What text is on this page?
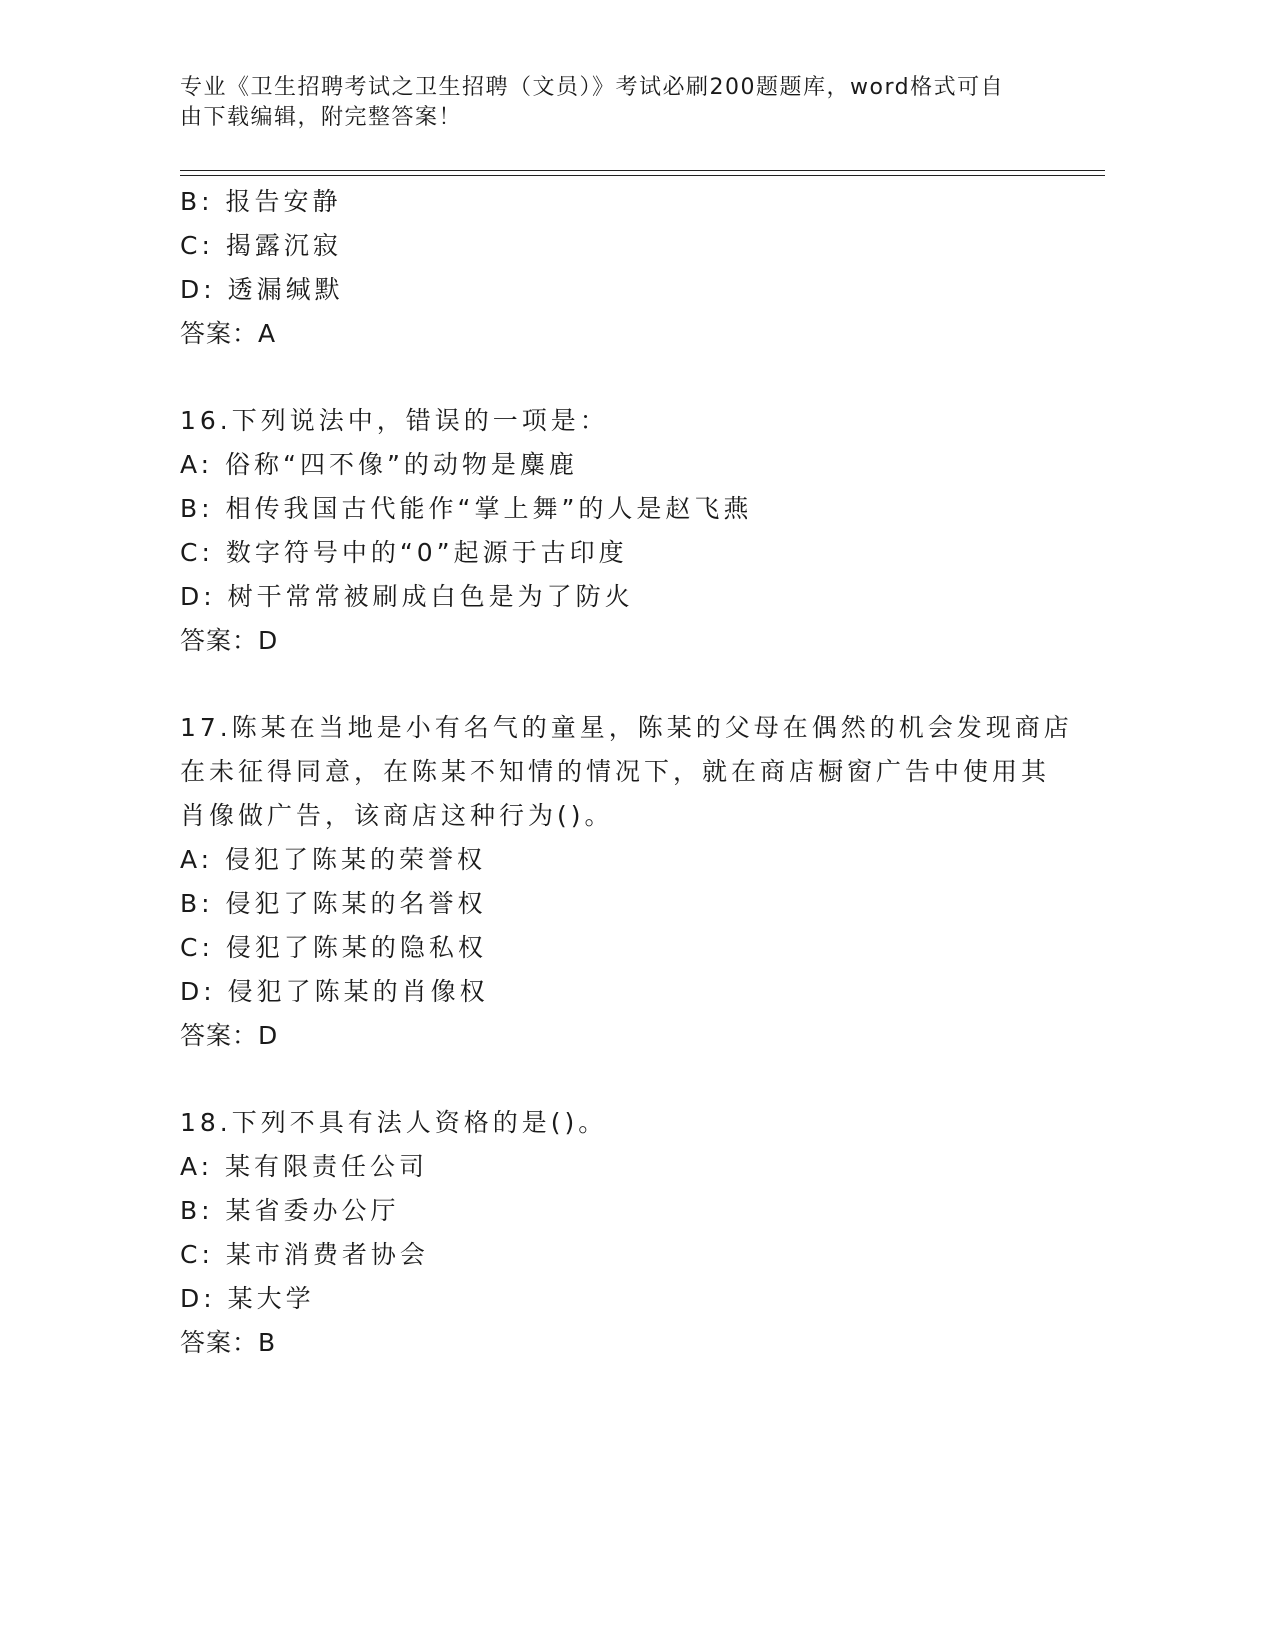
专业《卫生招聘考试之卫生招聘（文员）》考试必刷200题题库，word格式可自
由下载编辑，附完整答案！
B: 报告安静
C: 揭露沉寂
D: 透漏缄默
答案：A
16.下列说法中，错误的一项是：
A: 俗称“四不像”的动物是麋鹿
B: 相传我国古代能作“掌上舞”的人是赵飞燕
C: 数字符号中的“0”起源于古印度
D: 树干常常被刷成白色是为了防火
答案：D
17.陈某在当地是小有名气的童星，陈某的父母在偶然的机会发现商店
在未征得同意，在陈某不知情的情况下，就在商店橱窗广告中使用其
肖像做广告，该商店这种行为()。
A: 侵犯了陈某的荣誉权
B: 侵犯了陈某的名誉权
C: 侵犯了陈某的隐私权
D: 侵犯了陈某的肖像权
答案：D
18.下列不具有法人资格的是()。
A: 某有限责任公司
B: 某省委办公厅
C: 某市消费者协会
D: 某大学
答案：B
